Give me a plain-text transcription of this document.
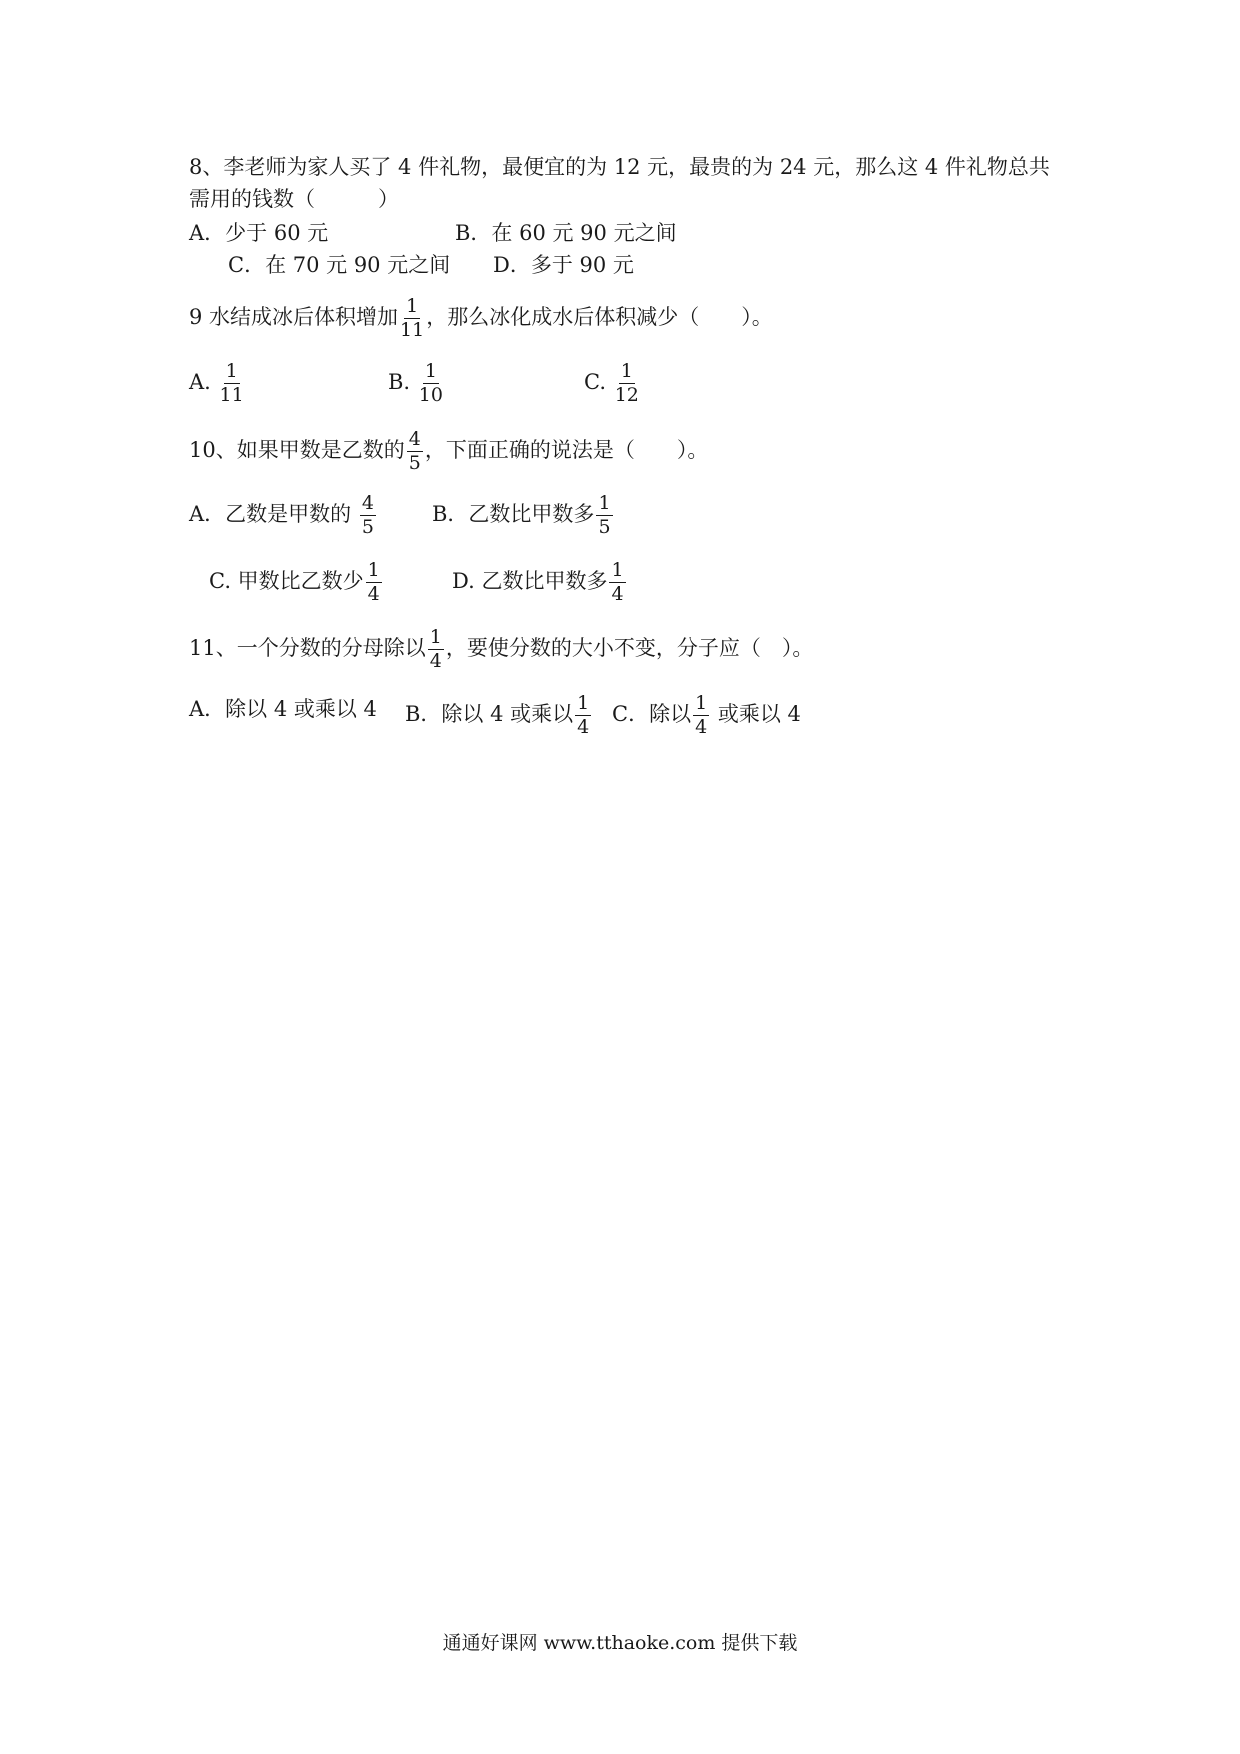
8、李老师为家人买了 4 件礼物，最便宜的为 12 元，最贵的为 24 元，那么这 4 件礼物总共
需用的钱数（　　　）
A．少于 60 元	B．在 60 元 90 元之间
C．在 70 元 90 元之间 D．多于 90 元
9 水结成冰后体积增加 $\frac{1}{11}$ ，那么冰化成水后体积减少（　　）。
A. $\frac{1}{11}$	B. $\frac{1}{10}$	C. $\frac{1}{12}$
10、如果甲数是乙数的 $\frac{4}{5}$ ，下面正确的说法是（　　）。
A．乙数是甲数的 $\frac{4}{5}$	B．乙数比甲数多 $\frac{1}{5}$
C. 甲数比乙数少 $\frac{1}{4}$	D. 乙数比甲数多 $\frac{1}{4}$
11、一个分数的分母除以 $\frac{1}{4}$ ，要使分数的大小不变，分子应（　）。
A．除以 4 或乘以 4 B．除以 4 或乘以 $\frac{1}{4}$ C．除以 $\frac{1}{4}$ 或乘以 4
通通好课网 www.tthaoke.com 提供下载
